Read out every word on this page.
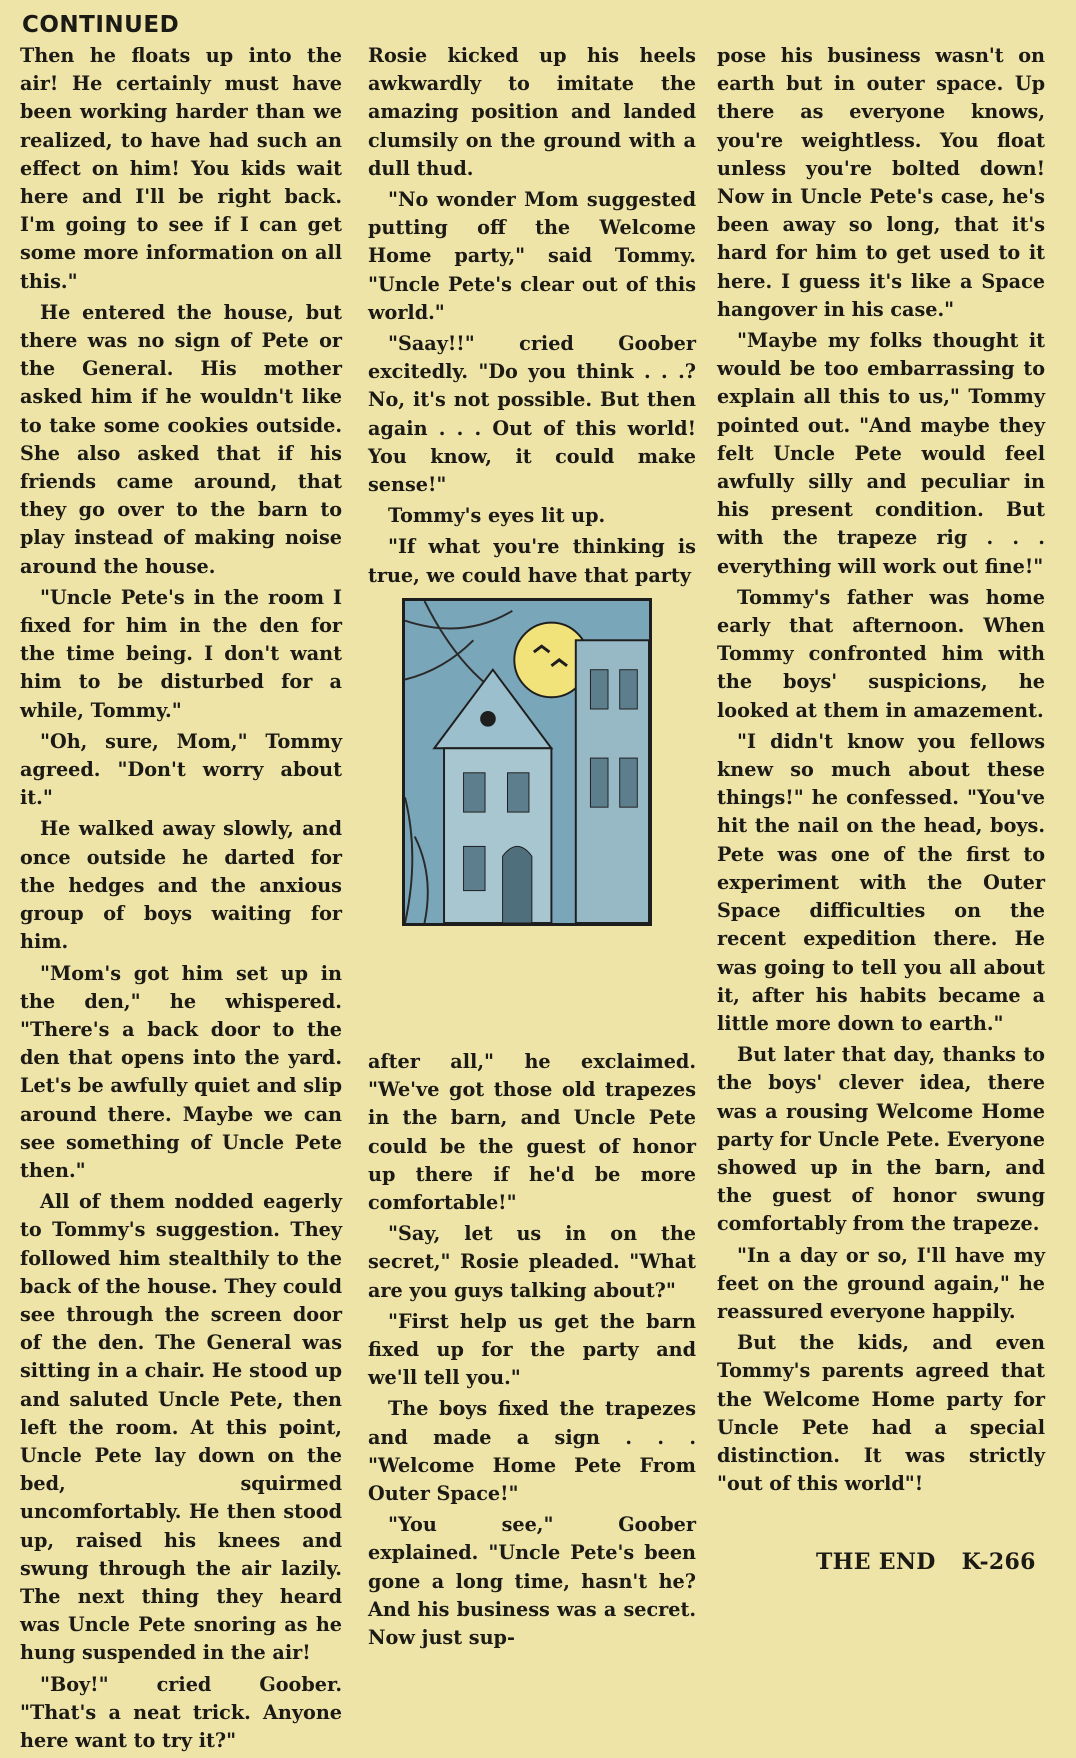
CONTINUED

Then he floats up into the air! He certainly must have been working harder than we realized, to have had such an effect on him! You kids wait here and I'll be right back. I'm going to see if I can get some more information on all this."

He entered the house, but there was no sign of Pete or the General. His mother asked him if he wouldn't like to take some cookies outside. She also asked that if his friends came around, that they go over to the barn to play instead of making noise around the house.

"Uncle Pete's in the room I fixed for him in the den for the time being. I don't want him to be disturbed for a while, Tommy."

"Oh, sure, Mom," Tommy agreed. "Don't worry about it."

He walked away slowly, and once outside he darted for the hedges and the anxious group of boys waiting for him.

"Mom's got him set up in the den," he whispered. "There's a back door to the den that opens into the yard. Let's be awfully quiet and slip around there. Maybe we can see something of Uncle Pete then."

All of them nodded eagerly to Tommy's suggestion. They followed him stealthily to the back of the house. They could see through the screen door of the den. The General was sitting in a chair. He stood up and saluted Uncle Pete, then left the room. At this point, Uncle Pete lay down on the bed, squirmed uncomfortably. He then stood up, raised his knees and swung through the air lazily. The next thing they heard was Uncle Pete snoring as he hung suspended in the air!

"Boy!" cried Goober. "That's a neat trick. Anyone here want to try it?"

Rosie kicked up his heels awkwardly to imitate the amazing position and landed clumsily on the ground with a dull thud.

"No wonder Mom suggested putting off the Welcome Home party," said Tommy. "Uncle Pete's clear out of this world."

"Saay!!" cried Goober excitedly. "Do you think . . .? No, it's not possible. But then again . . . Out of this world! You know, it could make sense!"

Tommy's eyes lit up.

"If what you're thinking is true, we could have that party

after all," he exclaimed. "We've got those old trapezes in the barn, and Uncle Pete could be the guest of honor up there if he'd be more comfortable!"

"Say, let us in on the secret," Rosie pleaded. "What are you guys talking about?"

"First help us get the barn fixed up for the party and we'll tell you."

The boys fixed the trapezes and made a sign . . . "Welcome Home Pete From Outer Space!"

"You see," Goober explained. "Uncle Pete's been gone a long time, hasn't he? And his business was a secret. Now just sup-

pose his business wasn't on earth but in outer space. Up there as everyone knows, you're weightless. You float unless you're bolted down! Now in Uncle Pete's case, he's been away so long, that it's hard for him to get used to it here. I guess it's like a Space hangover in his case."

"Maybe my folks thought it would be too embarrassing to explain all this to us," Tommy pointed out. "And maybe they felt Uncle Pete would feel awfully silly and peculiar in his present condition. But with the trapeze rig . . . everything will work out fine!"

Tommy's father was home early that afternoon. When Tommy confronted him with the boys' suspicions, he looked at them in amazement.

"I didn't know you fellows knew so much about these things!" he confessed. "You've hit the nail on the head, boys. Pete was one of the first to experiment with the Outer Space difficulties on the recent expedition there. He was going to tell you all about it, after his habits became a little more down to earth."

But later that day, thanks to the boys' clever idea, there was a rousing Welcome Home party for Uncle Pete. Everyone showed up in the barn, and the guest of honor swung comfortably from the trapeze.

"In a day or so, I'll have my feet on the ground again," he reassured everyone happily.

But the kids, and even Tommy's parents agreed that the Welcome Home party for Uncle Pete had a special distinction. It was strictly "out of this world"!

THE END K-266
